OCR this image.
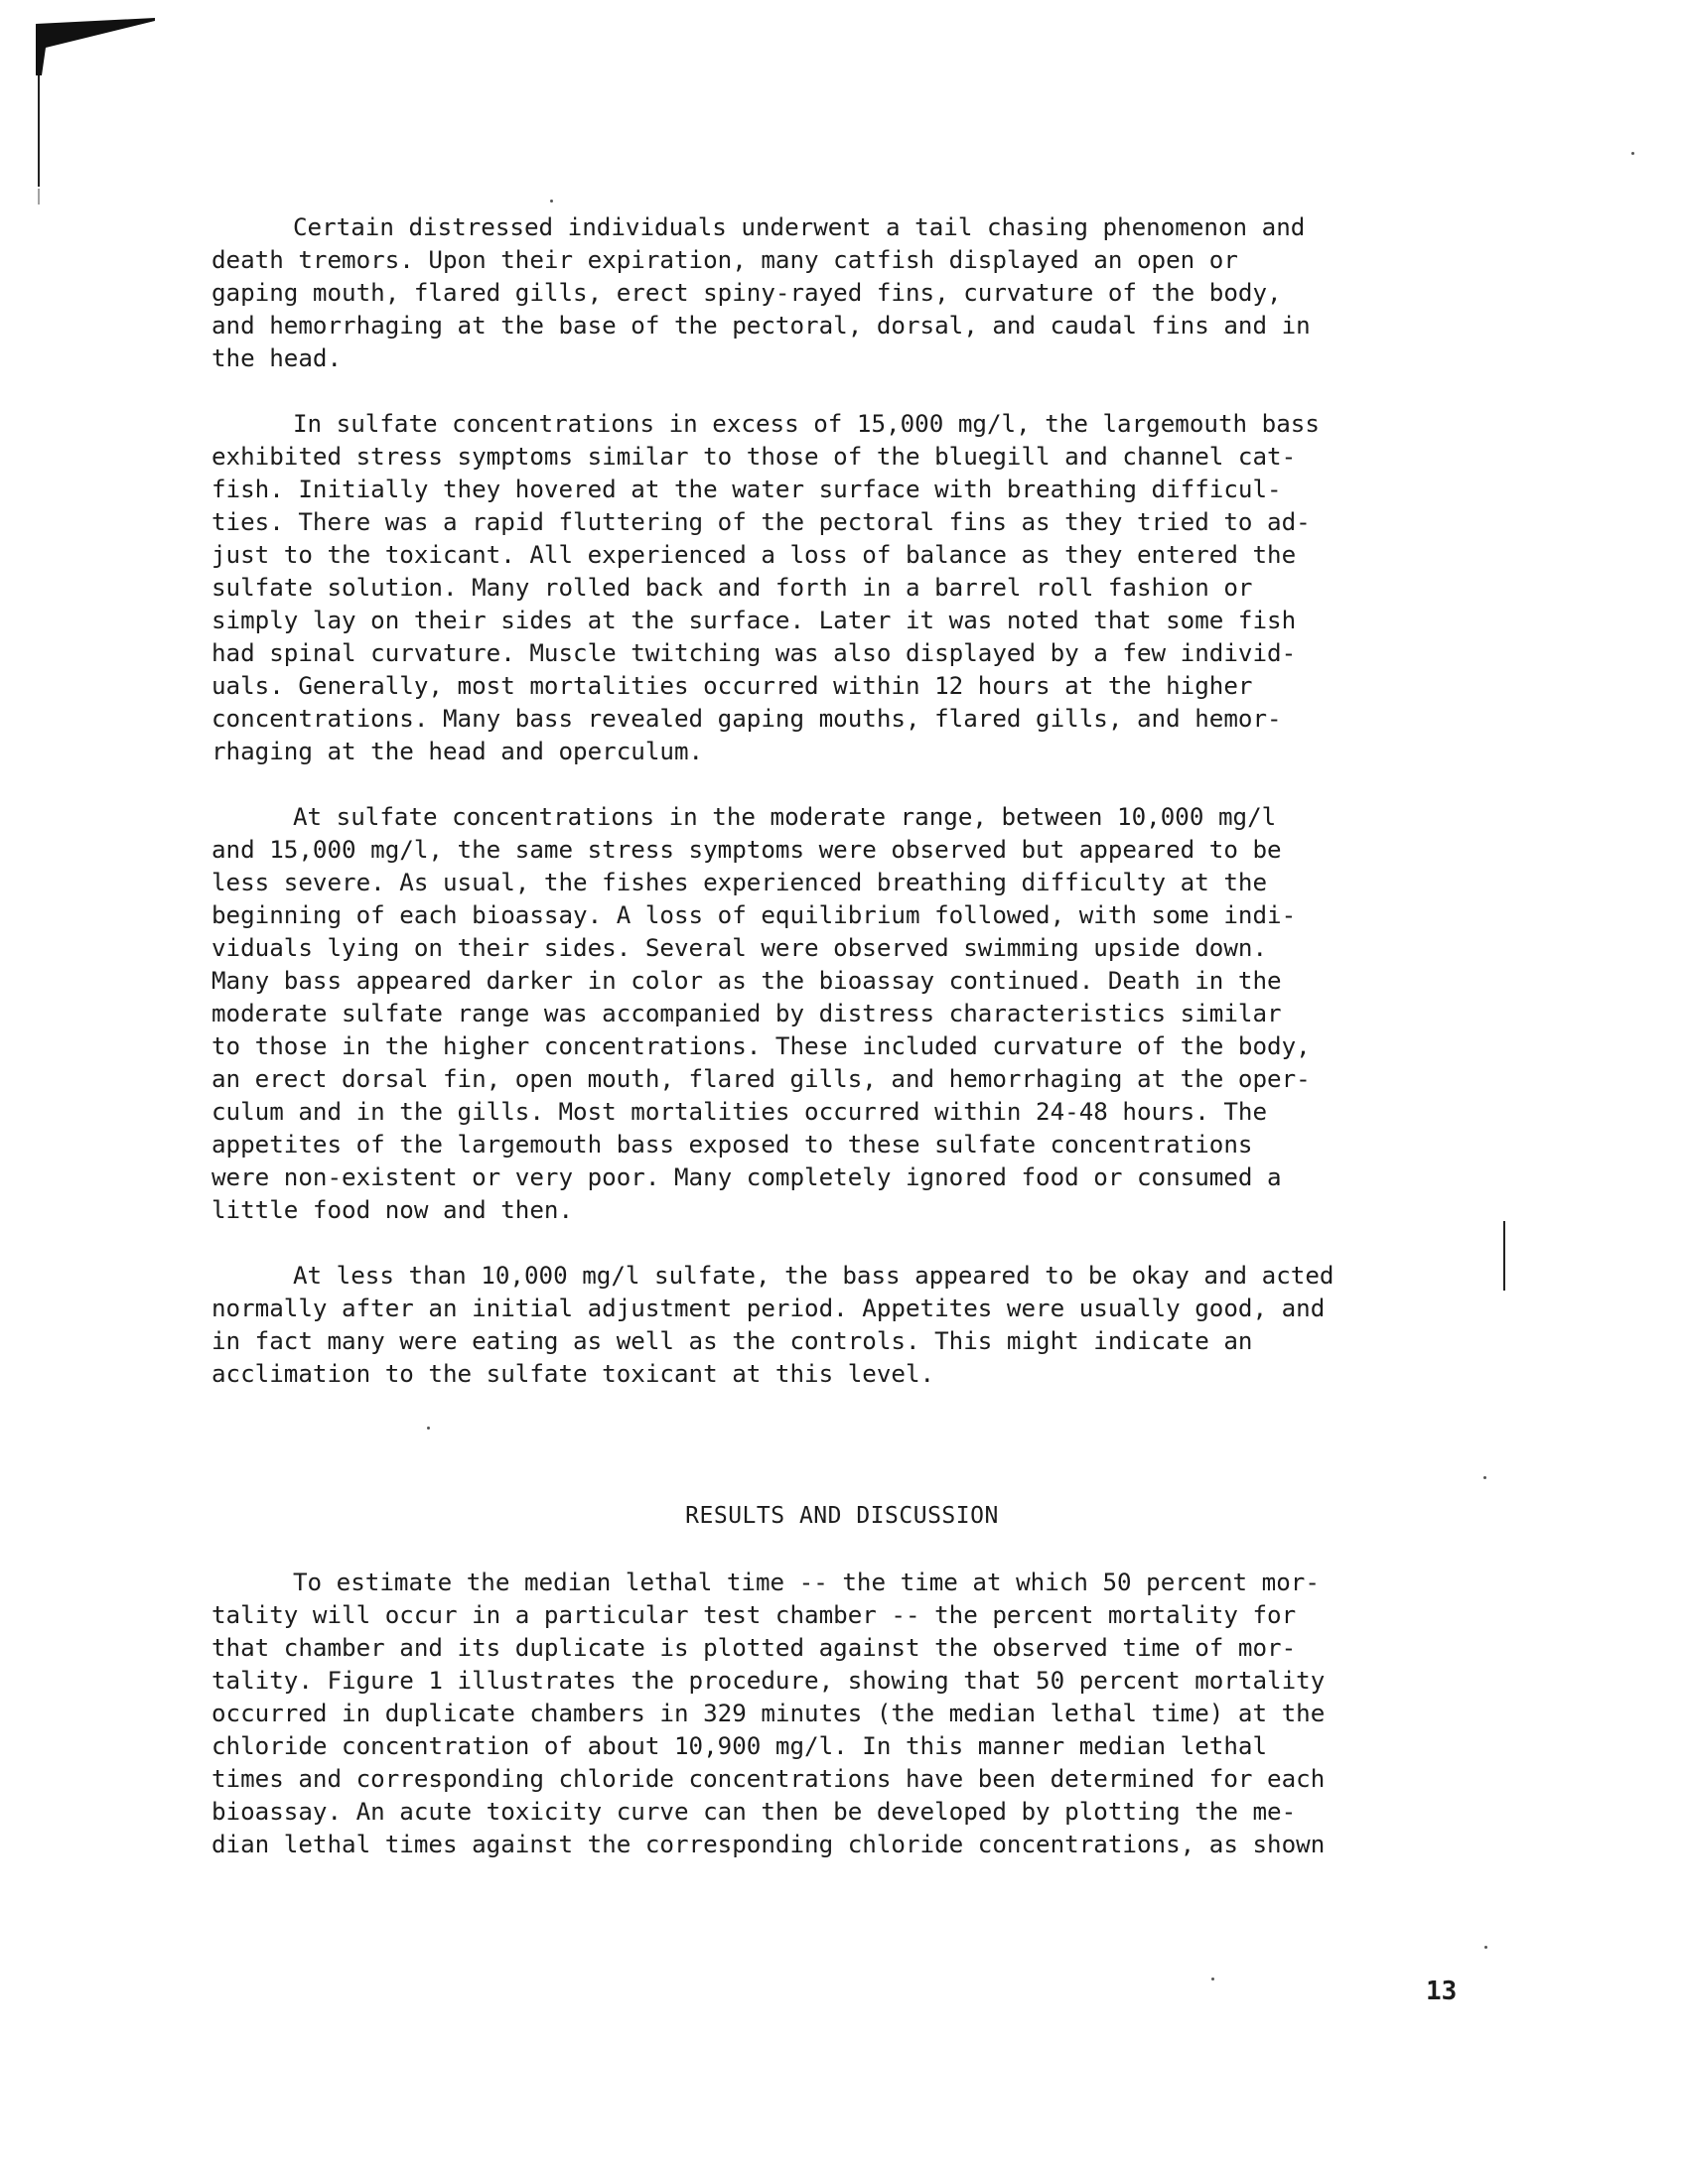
Certain distressed individuals underwent a tail chasing phenomenon and
death tremors. Upon their expiration, many catfish displayed an open or
gaping mouth, flared gills, erect spiny-rayed fins, curvature of the body,
and hemorrhaging at the base of the pectoral, dorsal, and caudal fins and in
the head.

In sulfate concentrations in excess of 15,000 mg/l, the largemouth bass
exhibited stress symptoms similar to those of the bluegill and channel cat-
fish. Initially they hovered at the water surface with breathing difficul-
ties. There was a rapid fluttering of the pectoral fins as they tried to ad-
just to the toxicant. All experienced a loss of balance as they entered the
sulfate solution. Many rolled back and forth in a barrel roll fashion or
simply lay on their sides at the surface. Later it was noted that some fish
had spinal curvature. Muscle twitching was also displayed by a few individ-
uals. Generally, most mortalities occurred within 12 hours at the higher
concentrations. Many bass revealed gaping mouths, flared gills, and hemor-
rhaging at the head and operculum.

At sulfate concentrations in the moderate range, between 10,000 mg/l
and 15,000 mg/l, the same stress symptoms were observed but appeared to be
less severe. As usual, the fishes experienced breathing difficulty at the
beginning of each bioassay. A loss of equilibrium followed, with some indi-
viduals lying on their sides. Several were observed swimming upside down.
Many bass appeared darker in color as the bioassay continued. Death in the
moderate sulfate range was accompanied by distress characteristics similar
to those in the higher concentrations. These included curvature of the body,
an erect dorsal fin, open mouth, flared gills, and hemorrhaging at the oper-
culum and in the gills. Most mortalities occurred within 24-48 hours. The
appetites of the largemouth bass exposed to these sulfate concentrations
were non-existent or very poor. Many completely ignored food or consumed a
little food now and then.

At less than 10,000 mg/l sulfate, the bass appeared to be okay and acted
normally after an initial adjustment period. Appetites were usually good, and
in fact many were eating as well as the controls. This might indicate an
acclimation to the sulfate toxicant at this level.

RESULTS AND DISCUSSION

To estimate the median lethal time -- the time at which 50 percent mor-
tality will occur in a particular test chamber -- the percent mortality for
that chamber and its duplicate is plotted against the observed time of mor-
tality. Figure 1 illustrates the procedure, showing that 50 percent mortality
occurred in duplicate chambers in 329 minutes (the median lethal time) at the
chloride concentration of about 10,900 mg/l. In this manner median lethal
times and corresponding chloride concentrations have been determined for each
bioassay. An acute toxicity curve can then be developed by plotting the me-
dian lethal times against the corresponding chloride concentrations, as shown

13
